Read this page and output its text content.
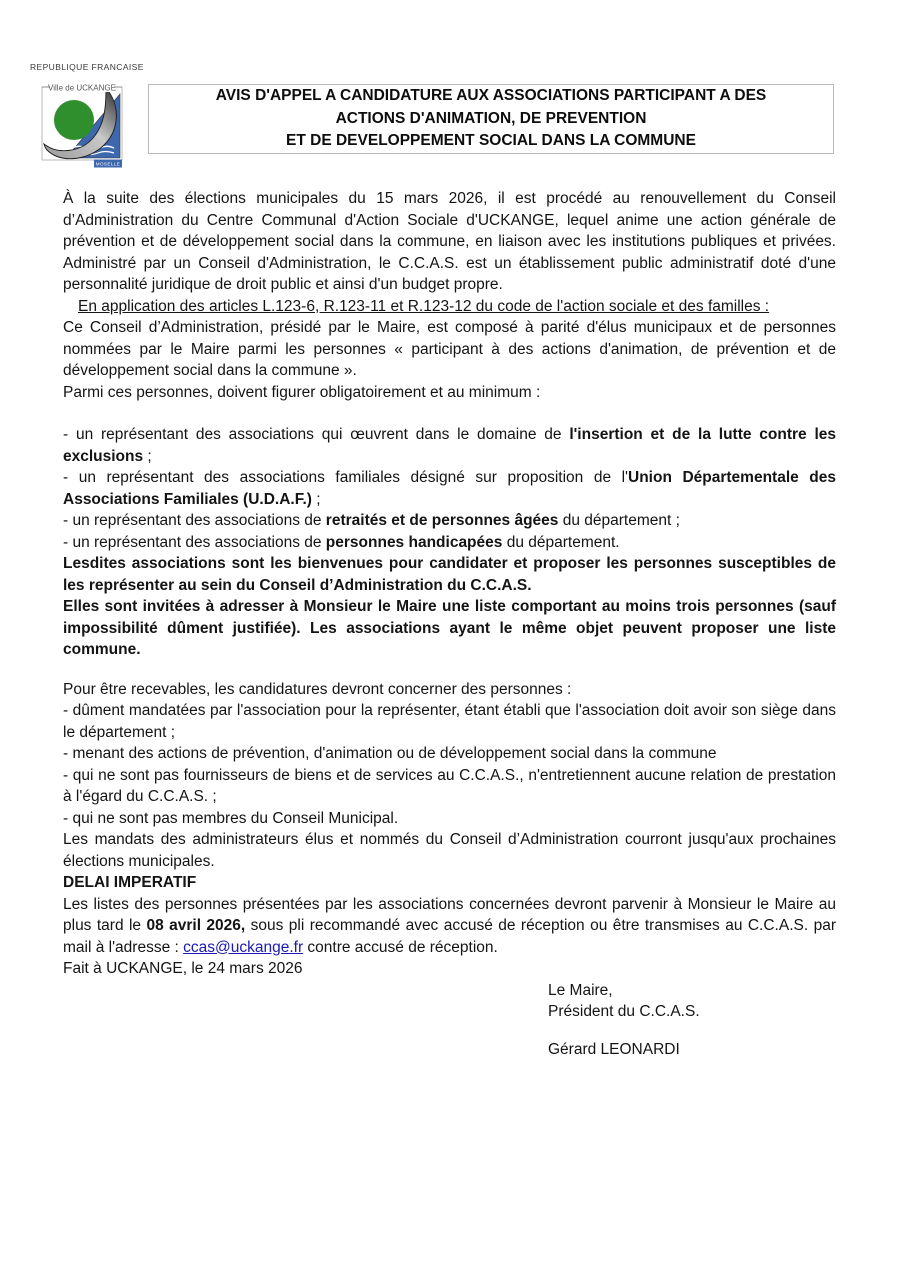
REPUBLIQUE FRANCAISE
Ville de UCKANGE
MOSELLE
AVIS D'APPEL A CANDIDATURE AUX ASSOCIATIONS PARTICIPANT A DES
ACTIONS D'ANIMATION, DE PREVENTION
ET DE DEVELOPPEMENT SOCIAL DANS LA COMMUNE

À la suite des élections municipales du 15 mars 2026, il est procédé au renouvellement du Conseil d’Administration du Centre Communal d'Action Sociale d'UCKANGE, lequel anime une action générale de prévention et de développement social dans la commune, en liaison avec les institutions publiques et privées. Administré par un Conseil d'Administration, le C.C.A.S. est un établissement public administratif doté d'une personnalité juridique de droit public et ainsi d'un budget propre.

En application des articles L.123-6, R.123-11 et R.123-12 du code de l'action sociale et des familles :

Ce Conseil d’Administration, présidé par le Maire, est composé à parité d'élus municipaux et de personnes nommées par le Maire parmi les personnes « participant à des actions d'animation, de prévention et de développement social dans la commune ».

Parmi ces personnes, doivent figurer obligatoirement et au minimum :

- un représentant des associations qui œuvrent dans le domaine de l'insertion et de la lutte contre les exclusions ;
- un représentant des associations familiales désigné sur proposition de l'Union Départementale des Associations Familiales (U.D.A.F.) ;
- un représentant des associations de retraités et de personnes âgées du département ;
- un représentant des associations de personnes handicapées du département.

Lesdites associations sont les bienvenues pour candidater et proposer les personnes susceptibles de les représenter au sein du Conseil d’Administration du C.C.A.S.

Elles sont invitées à adresser à Monsieur le Maire une liste comportant au moins trois personnes (sauf impossibilité dûment justifiée). Les associations ayant le même objet peuvent proposer une liste commune.

Pour être recevables, les candidatures devront concerner des personnes :
- dûment mandatées par l'association pour la représenter, étant établi que l'association doit avoir son siège dans le département ;
- menant des actions de prévention, d'animation ou de développement social dans la commune
- qui ne sont pas fournisseurs de biens et de services au C.C.A.S., n'entretiennent aucune relation de prestation à l'égard du C.C.A.S. ;
- qui ne sont pas membres du Conseil Municipal.

Les mandats des administrateurs élus et nommés du Conseil d’Administration courront jusqu'aux prochaines élections municipales.

DELAI IMPERATIF

Les listes des personnes présentées par les associations concernées devront parvenir à Monsieur le Maire au plus tard le 08 avril 2026, sous pli recommandé avec accusé de réception ou être transmises au C.C.A.S. par mail à l'adresse : ccas@uckange.fr contre accusé de réception.

Fait à UCKANGE, le 24 mars 2026

Le Maire,
Président du C.C.A.S.
Gérard LEONARDI
